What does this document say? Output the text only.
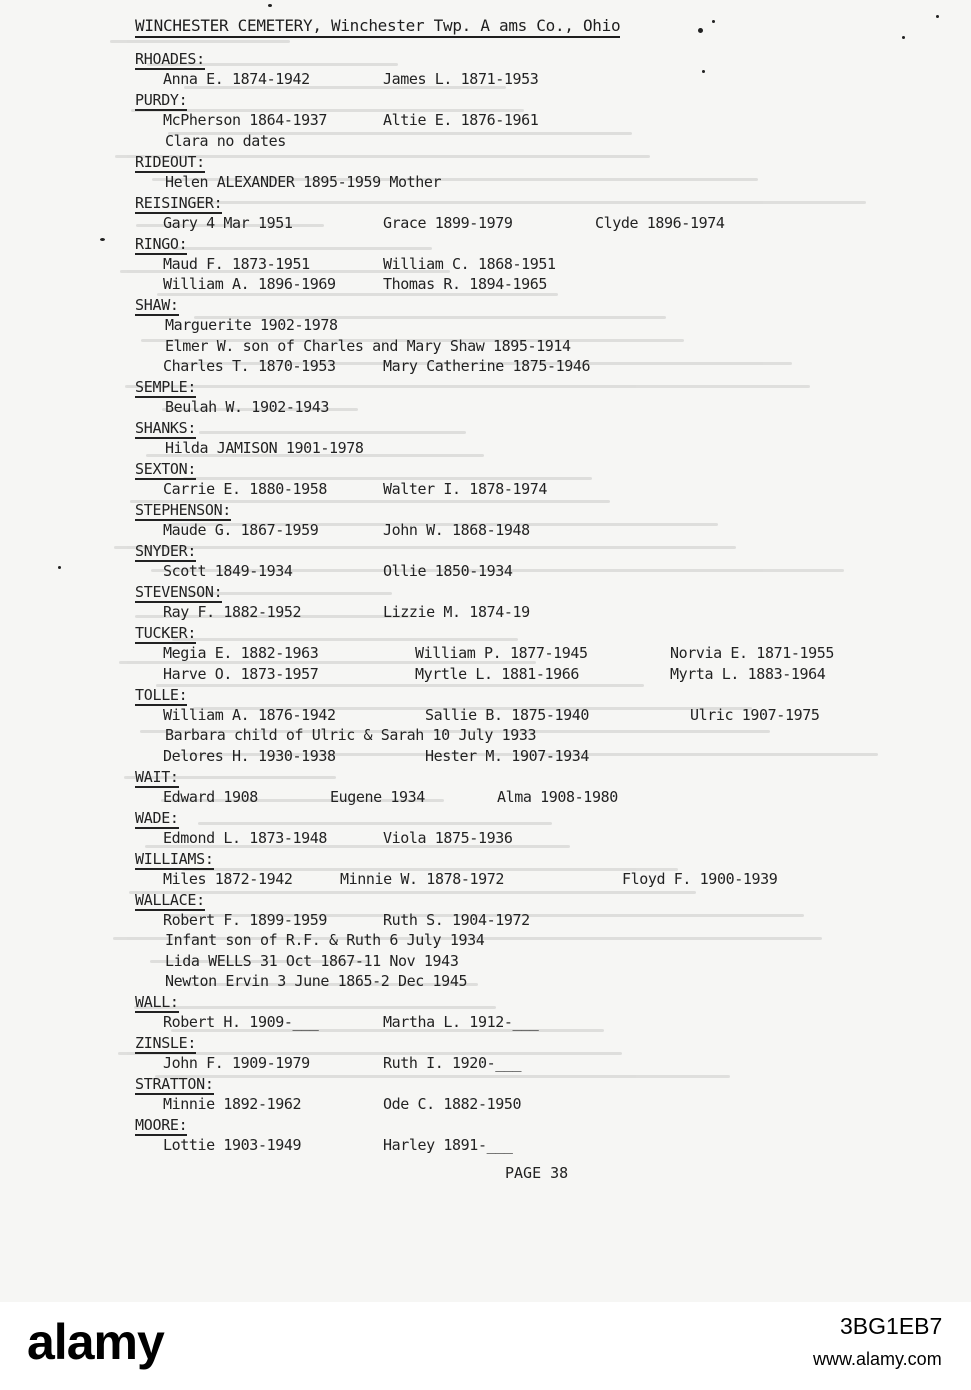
WINCHESTER CEMETERY, Winchester Twp. A ams Co., Ohio
RHOADES:
Anna E. 1874-1942	James L. 1871-1953
PURDY:
McPherson 1864-1937	Altie E. 1876-1961
Clara no dates
RIDEOUT:
Helen ALEXANDER 1895-1959 Mother
REISINGER:
Gary 4 Mar 1951	Grace 1899-1979	Clyde 1896-1974
RINGO:
Maud F. 1873-1951	William C. 1868-1951
William A. 1896-1969	Thomas R. 1894-1965
SHAW:
Marguerite 1902-1978
Elmer W. son of Charles and Mary Shaw 1895-1914
Charles T. 1870-1953	Mary Catherine 1875-1946
SEMPLE:
Beulah W. 1902-1943
SHANKS:
Hilda JAMISON 1901-1978
SEXTON:
Carrie E. 1880-1958	Walter I. 1878-1974
STEPHENSON:
Maude G. 1867-1959	John W. 1868-1948
SNYDER:
Scott 1849-1934	Ollie 1850-1934
STEVENSON:
Ray F. 1882-1952	Lizzie M. 1874-19
TUCKER:
Megia E. 1882-1963	William P. 1877-1945	Norvia E. 1871-1955
Harve O. 1873-1957	Myrtle L. 1881-1966	Myrta L. 1883-1964
TOLLE:
William A. 1876-1942	Sallie B. 1875-1940	Ulric 1907-1975
Barbara child of Ulric & Sarah 10 July 1933
Delores H. 1930-1938	Hester M. 1907-1934
WAIT:
Edward 1908	Eugene 1934	Alma 1908-1980
WADE:
Edmond L. 1873-1948	Viola 1875-1936
WILLIAMS:
Miles 1872-1942	Minnie W. 1878-1972	Floyd F. 1900-1939
WALLACE:
Robert F. 1899-1959	Ruth S. 1904-1972
Infant son of R.F. & Ruth 6 July 1934
Lida WELLS 31 Oct 1867-11 Nov 1943
Newton Ervin 3 June 1865-2 Dec 1945
WALL:
Robert H. 1909-___	Martha L. 1912-___
ZINSLE:
John F. 1909-1979	Ruth I. 1920-___
STRATTON:
Minnie 1892-1962	Ode C. 1882-1950
MOORE:
Lottie 1903-1949	Harley 1891-___
PAGE 38
alamy	3BG1EB7
www.alamy.com
